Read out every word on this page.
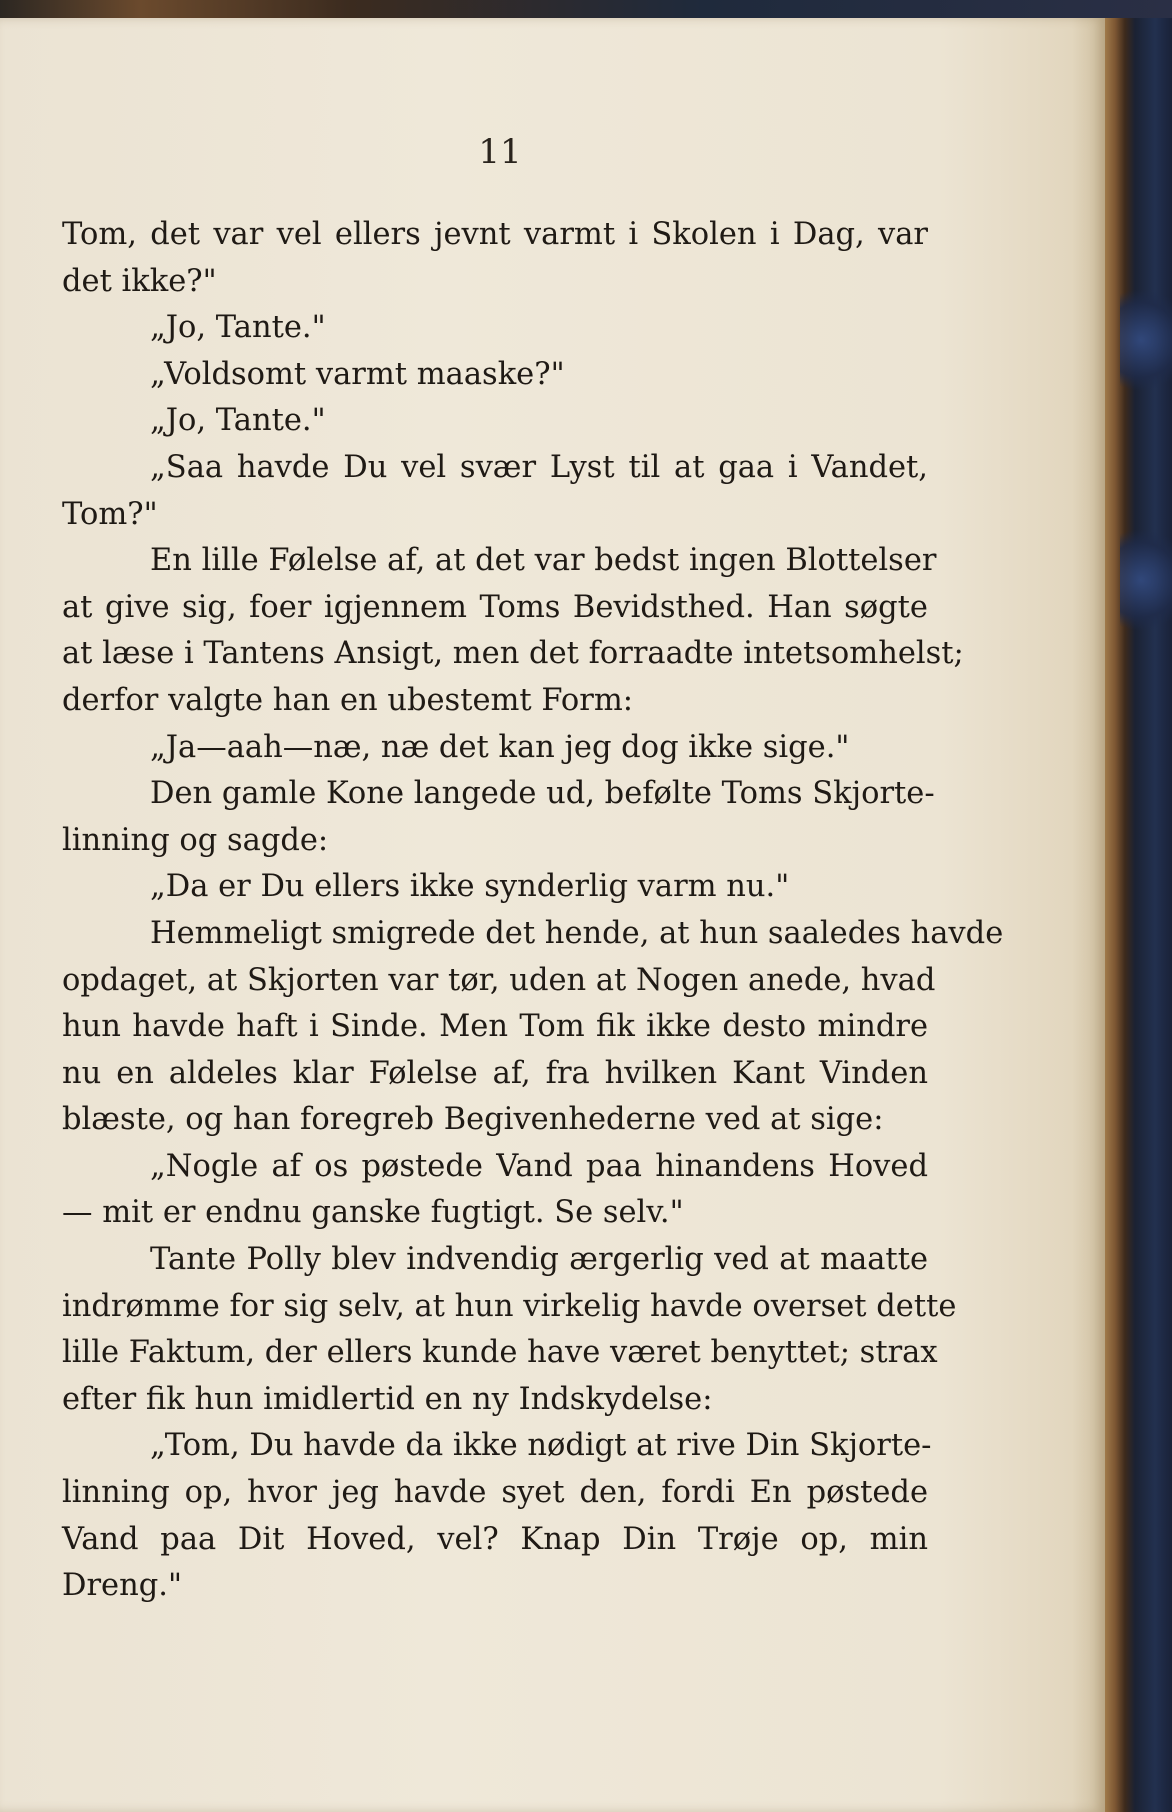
11
Tom, det var vel ellers jevnt varmt i Skolen i Dag, var
det ikke?"
„Jo, Tante."
„Voldsomt varmt maaske?"
„Jo, Tante."
„Saa havde Du vel svær Lyst til at gaa i Vandet,
Tom?"
En lille Følelse af, at det var bedst ingen Blottelser
at give sig, foer igjennem Toms Bevidsthed. Han søgte
at læse i Tantens Ansigt, men det forraadte intetsomhelst;
derfor valgte han en ubestemt Form:
„Ja—aah—næ, næ det kan jeg dog ikke sige."
Den gamle Kone langede ud, befølte Toms Skjorte-
linning og sagde:
„Da er Du ellers ikke synderlig varm nu."
Hemmeligt smigrede det hende, at hun saaledes havde
opdaget, at Skjorten var tør, uden at Nogen anede, hvad
hun havde haft i Sinde. Men Tom fik ikke desto mindre
nu en aldeles klar Følelse af, fra hvilken Kant Vinden
blæste, og han foregreb Begivenhederne ved at sige:
„Nogle af os pøstede Vand paa hinandens Hoved
— mit er endnu ganske fugtigt. Se selv."
Tante Polly blev indvendig ærgerlig ved at maatte
indrømme for sig selv, at hun virkelig havde overset dette
lille Faktum, der ellers kunde have været benyttet; strax
efter fik hun imidlertid en ny Indskydelse:
„Tom, Du havde da ikke nødigt at rive Din Skjorte-
linning op, hvor jeg havde syet den, fordi En pøstede
Vand paa Dit Hoved, vel? Knap Din Trøje op, min
Dreng."
